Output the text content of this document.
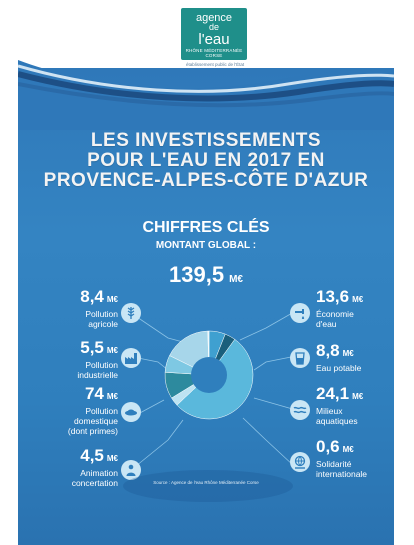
agence
de
l'eau
RHÔNE MÉDITERRANÉE CORSE
établissement public de l'État
LES INVESTISSEMENTS
POUR L'EAU EN 2017 EN
PROVENCE-ALPES-CÔTE D'AZUR
CHIFFRES CLÉS
MONTANT GLOBAL :
139,5 M€
8,4 M€
Pollution
agricole
5,5 M€
Pollution
industrielle
74 M€
Pollution
domestique
(dont primes)
4,5 M€
Animation
concertation
13,6 M€
Économie
d'eau
8,8 M€
Eau potable
24,1 M€
Milieux
aquatiques
0,6 M€
Solidarité
internationale
Source : Agence de l'eau Rhône Méditerranée Corse
